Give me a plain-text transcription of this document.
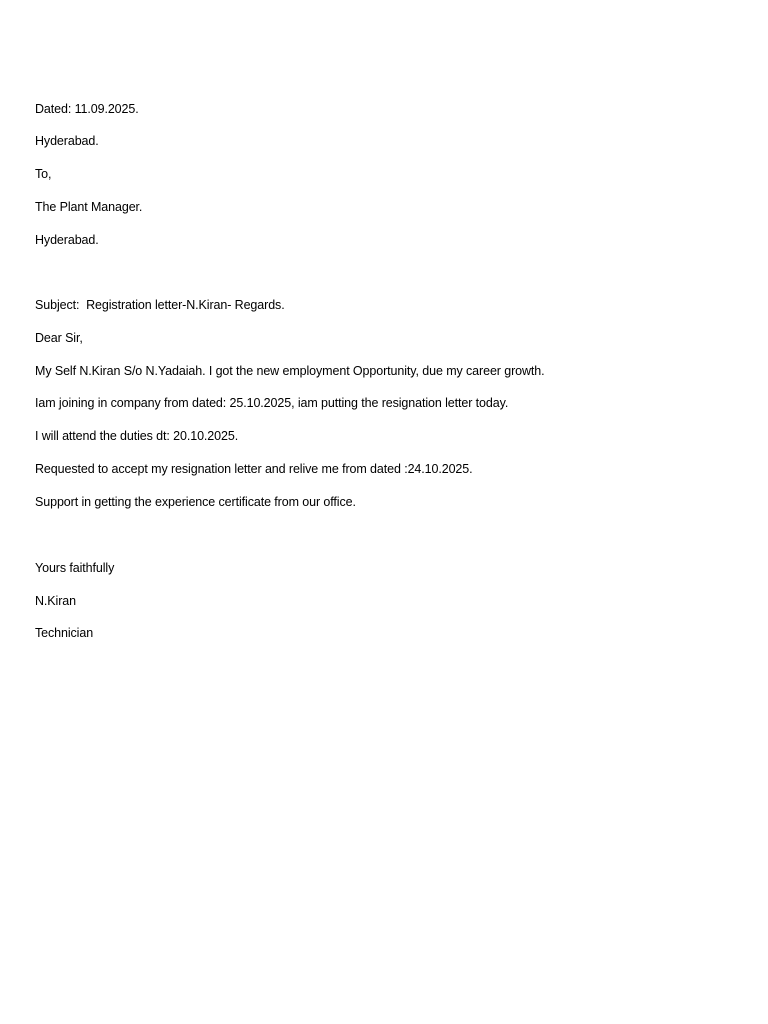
Dated: 11.09.2025.
Hyderabad.
To,
The Plant Manager.
Hyderabad.
Subject:  Registration letter-N.Kiran- Regards.
Dear Sir,
My Self N.Kiran S/o N.Yadaiah. I got the new employment Opportunity, due my career growth.
Iam joining in company from dated: 25.10.2025, iam putting the resignation letter today.
I will attend the duties dt: 20.10.2025.
Requested to accept my resignation letter and relive me from dated :24.10.2025.
Support in getting the experience certificate from our office.
Yours faithfully
N.Kiran
Technician
